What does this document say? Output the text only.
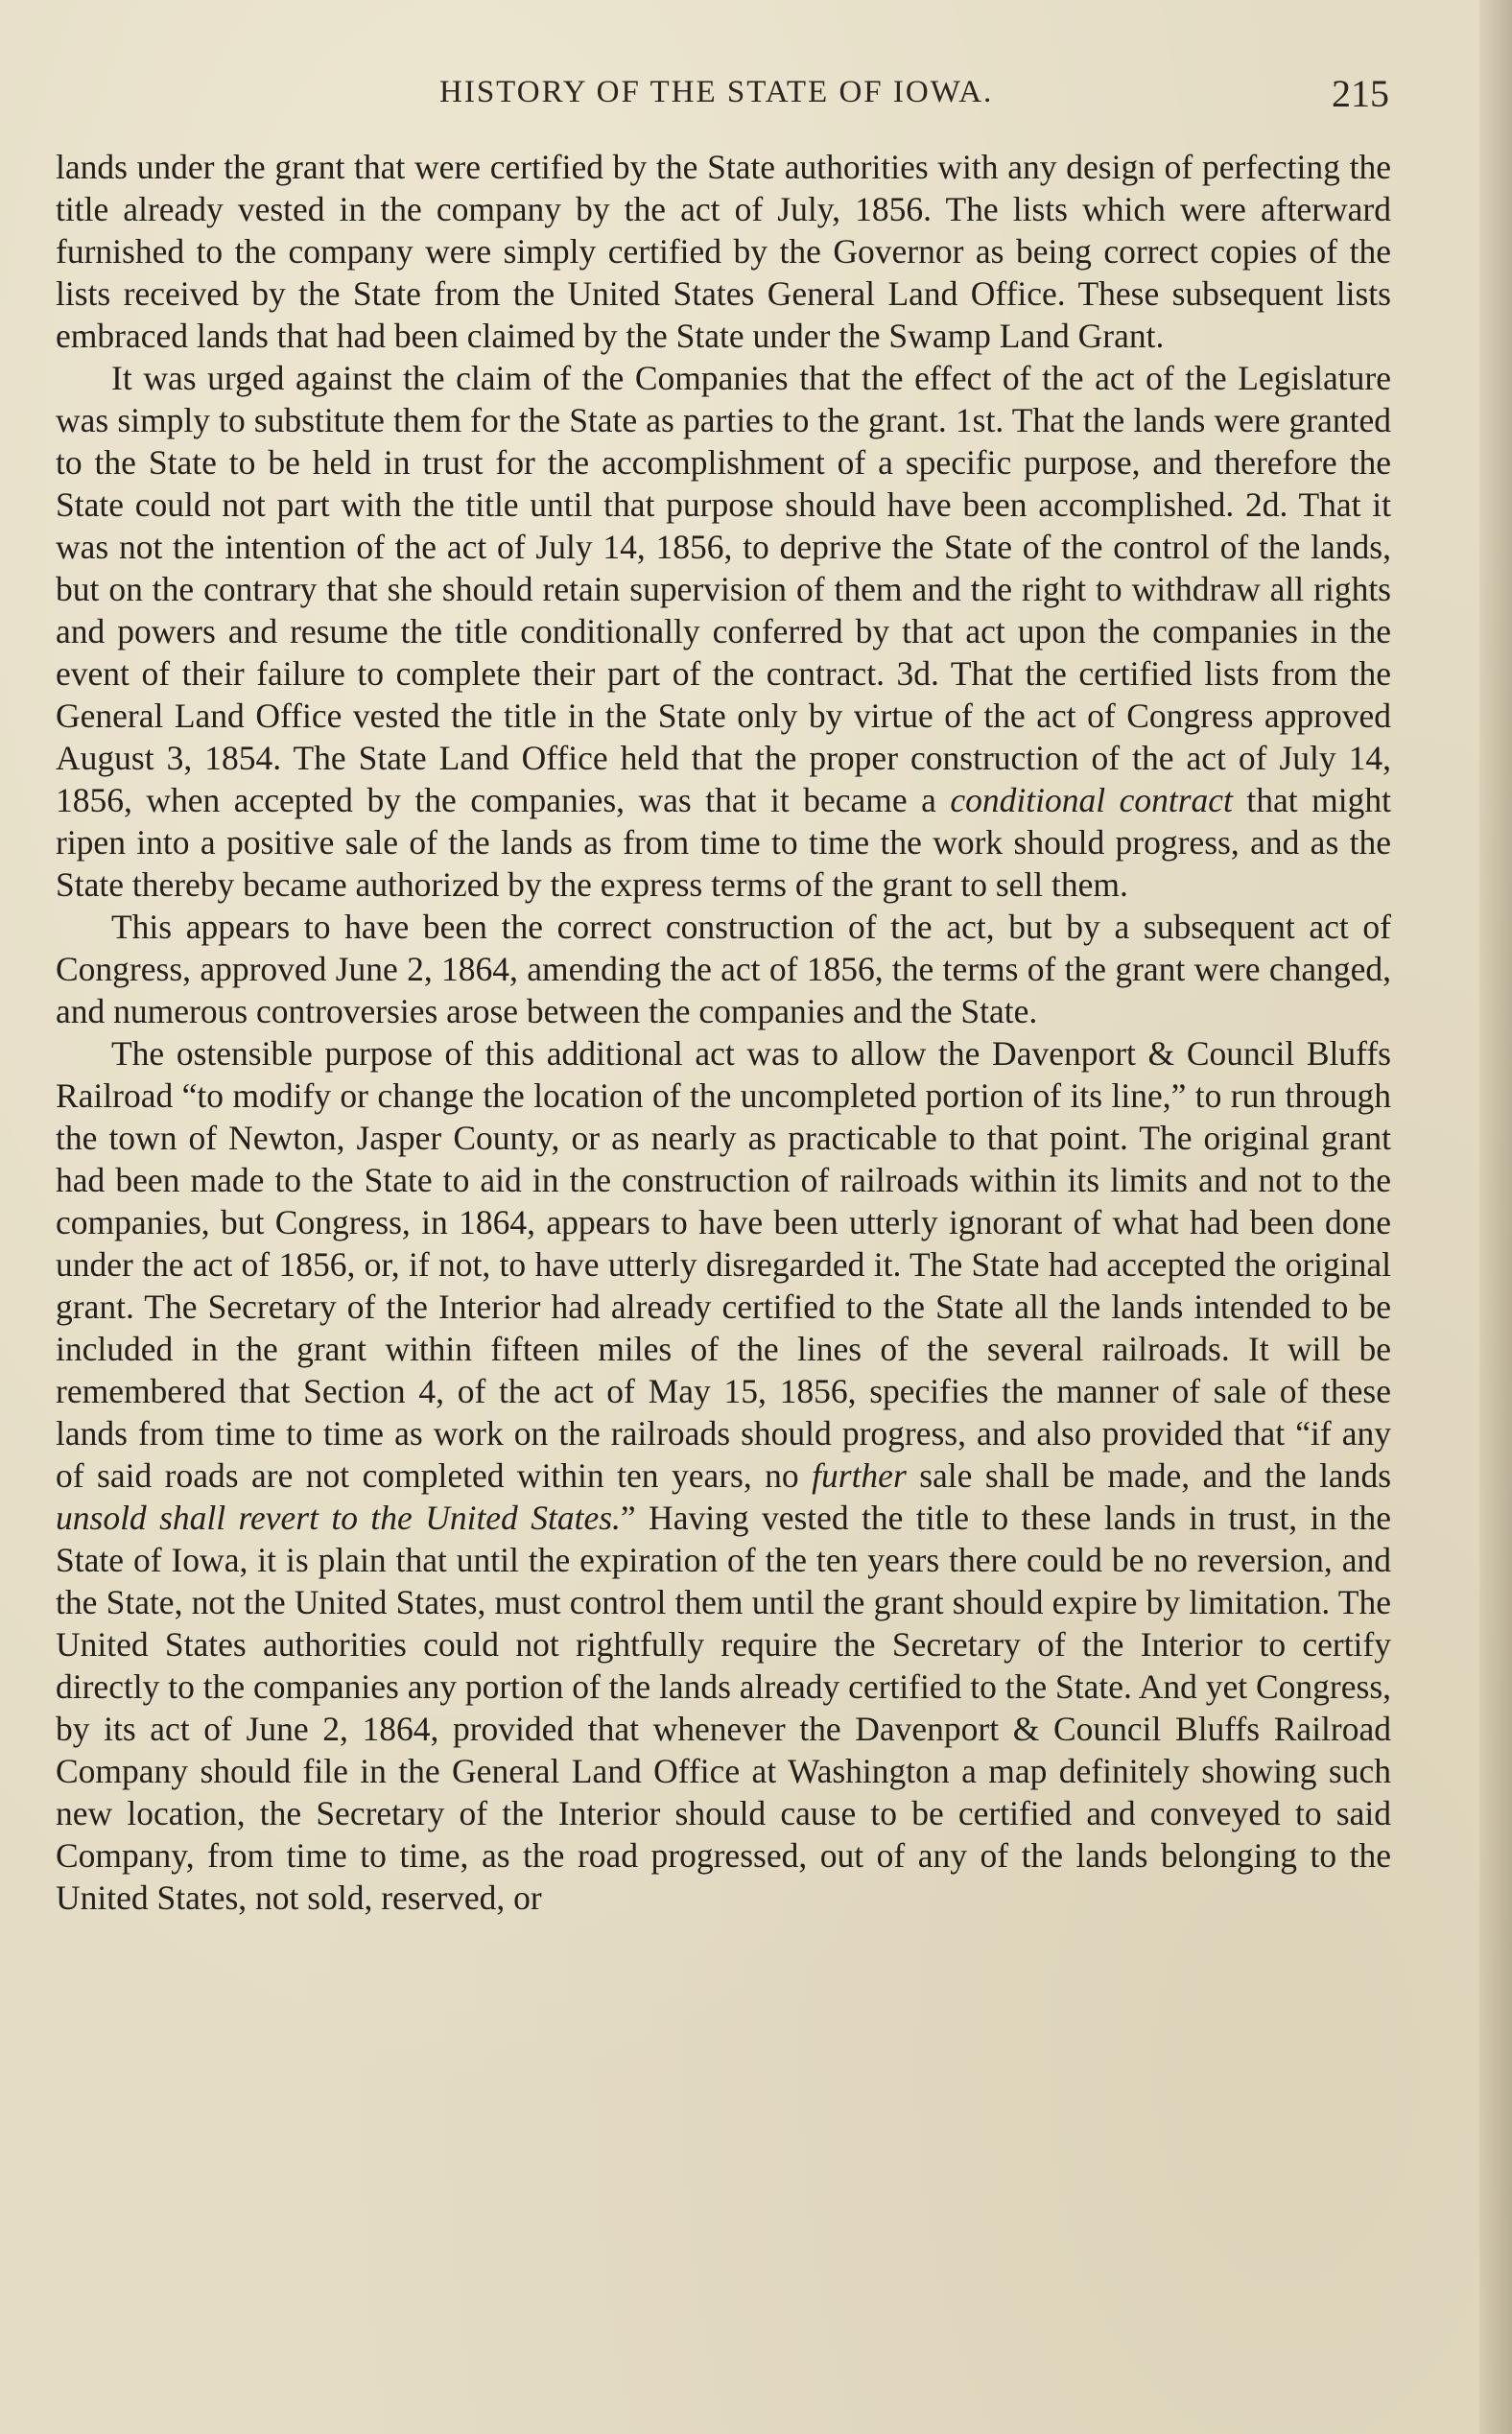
HISTORY OF THE STATE OF IOWA.	215

lands under the grant that were certified by the State authorities with any design of perfecting the title already vested in the company by the act of July, 1856. The lists which were afterward furnished to the company were simply certified by the Governor as being correct copies of the lists received by the State from the United States General Land Office. These subsequent lists embraced lands that had been claimed by the State under the Swamp Land Grant.

It was urged against the claim of the Companies that the effect of the act of the Legislature was simply to substitute them for the State as parties to the grant. 1st. That the lands were granted to the State to be held in trust for the accomplishment of a specific purpose, and therefore the State could not part with the title until that purpose should have been accomplished. 2d. That it was not the intention of the act of July 14, 1856, to deprive the State of the control of the lands, but on the contrary that she should retain supervision of them and the right to withdraw all rights and powers and resume the title conditionally conferred by that act upon the companies in the event of their failure to complete their part of the contract. 3d. That the certified lists from the General Land Office vested the title in the State only by virtue of the act of Congress approved August 3, 1854. The State Land Office held that the proper construction of the act of July 14, 1856, when accepted by the companies, was that it became a conditional contract that might ripen into a positive sale of the lands as from time to time the work should progress, and as the State thereby became authorized by the express terms of the grant to sell them.

This appears to have been the correct construction of the act, but by a subsequent act of Congress, approved June 2, 1864, amending the act of 1856, the terms of the grant were changed, and numerous controversies arose between the companies and the State.

The ostensible purpose of this additional act was to allow the Davenport & Council Bluffs Railroad “to modify or change the location of the uncompleted portion of its line,” to run through the town of Newton, Jasper County, or as nearly as practicable to that point. The original grant had been made to the State to aid in the construction of railroads within its limits and not to the companies, but Congress, in 1864, appears to have been utterly ignorant of what had been done under the act of 1856, or, if not, to have utterly disregarded it. The State had accepted the original grant. The Secretary of the Interior had already certified to the State all the lands intended to be included in the grant within fifteen miles of the lines of the several railroads. It will be remembered that Section 4, of the act of May 15, 1856, specifies the manner of sale of these lands from time to time as work on the railroads should progress, and also provided that “if any of said roads are not completed within ten years, no further sale shall be made, and the lands unsold shall revert to the United States.” Having vested the title to these lands in trust, in the State of Iowa, it is plain that until the expiration of the ten years there could be no reversion, and the State, not the United States, must control them until the grant should expire by limitation. The United States authorities could not rightfully require the Secretary of the Interior to certify directly to the companies any portion of the lands already certified to the State. And yet Congress, by its act of June 2, 1864, provided that whenever the Davenport & Council Bluffs Railroad Company should file in the General Land Office at Washington a map definitely showing such new location, the Secretary of the Interior should cause to be certified and conveyed to said Company, from time to time, as the road progressed, out of any of the lands belonging to the United States, not sold, reserved, or
